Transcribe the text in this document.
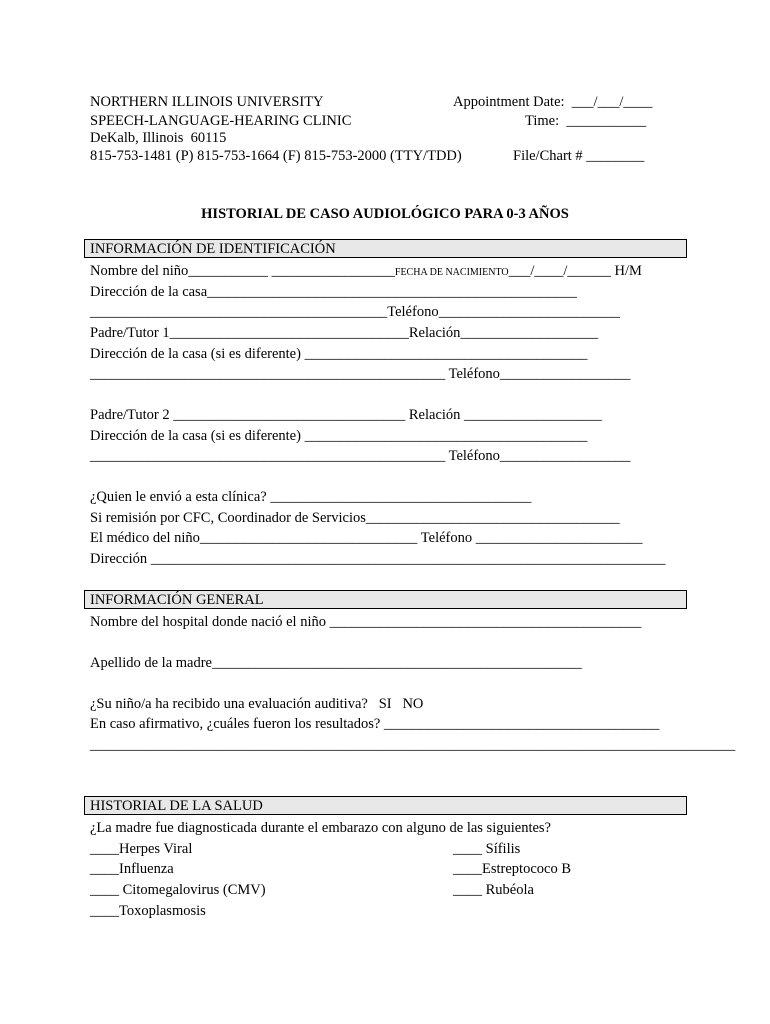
NORTHERN ILLINOIS UNIVERSITY
SPEECH-LANGUAGE-HEARING CLINIC
DeKalb, Illinois  60115
815-753-1481 (P) 815-753-1664 (F) 815-753-2000 (TTY/TDD)
Appointment Date:  ___/___/____
Time:  ___________
File/Chart # ________
HISTORIAL DE CASO AUDIOLÓGICO PARA 0-3 AÑOS
INFORMACIÓN DE IDENTIFICACIÓN
Nombre del niño___________ _________________FECHA DE NACIMIENTO___/____/______ H/M
Dirección de la casa___________________________________________________
_________________________________________Teléfono_________________________
Padre/Tutor 1_________________________________Relación___________________
Dirección de la casa (si es diferente) _______________________________________
_________________________________________________ Teléfono__________________
Padre/Tutor 2 ________________________________ Relación ___________________
Dirección de la casa (si es diferente) _______________________________________
_________________________________________________ Teléfono__________________
¿Quien le envió a esta clínica? ____________________________________
Si remisión por CFC, Coordinador de Servicios___________________________________
El médico del niño______________________________ Teléfono _______________________
Dirección _______________________________________________________________________
INFORMACIÓN GENERAL
Nombre del hospital donde nació el niño ___________________________________________
Apellido de la madre___________________________________________________
¿Su niño/a ha recibido una evaluación auditiva?   SI   NO
En caso afirmativo, ¿cuáles fueron los resultados? ______________________________________
_________________________________________________________________________________________
HISTORIAL DE LA SALUD
¿La madre fue diagnosticada durante el embarazo con alguno de las siguientes?
____Herpes Viral
____Influenza
____ Citomegalovirus (CMV)
____Toxoplasmosis
____ Sífilis
____Estreptococo B
____ Rubéola
